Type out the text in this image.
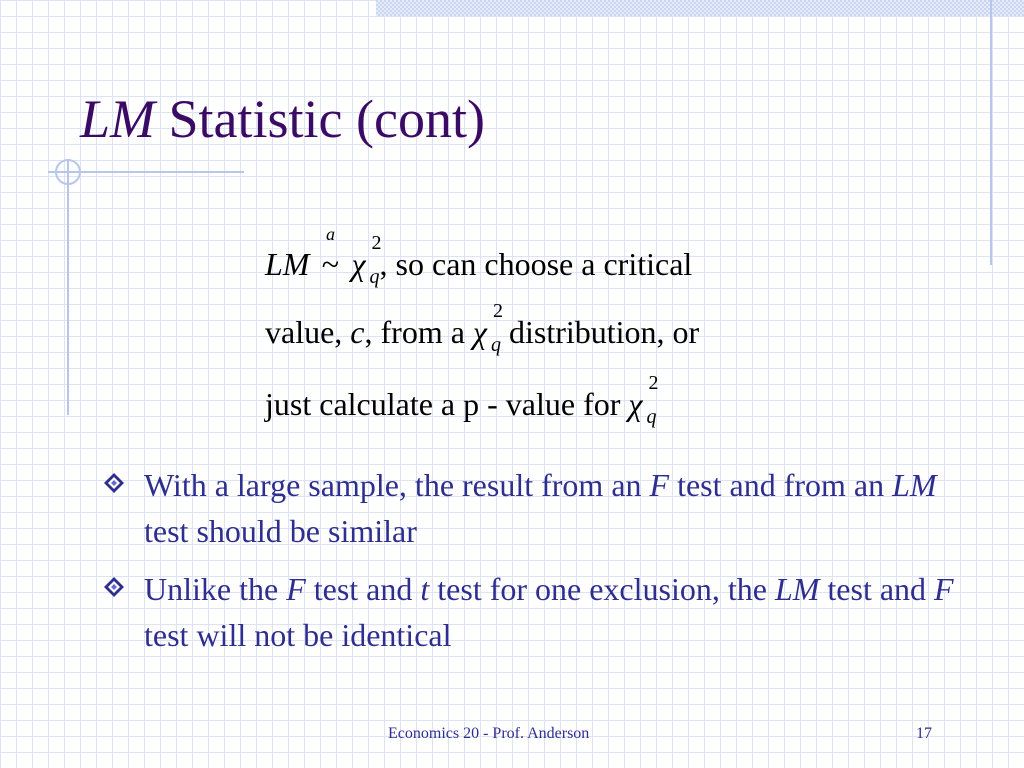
LM Statistic (cont)
LM
a
~ χ
2
q , so can choose a critical
value, c, from a χ
2
q distribution, or
just calculate a p - value for χ
2
q
With a large sample, the result from an F test and from an LM test should be similar
Unlike the F test and t test for one exclusion, the LM test and F test will not be identical
Economics 20 - Prof. Anderson	17
